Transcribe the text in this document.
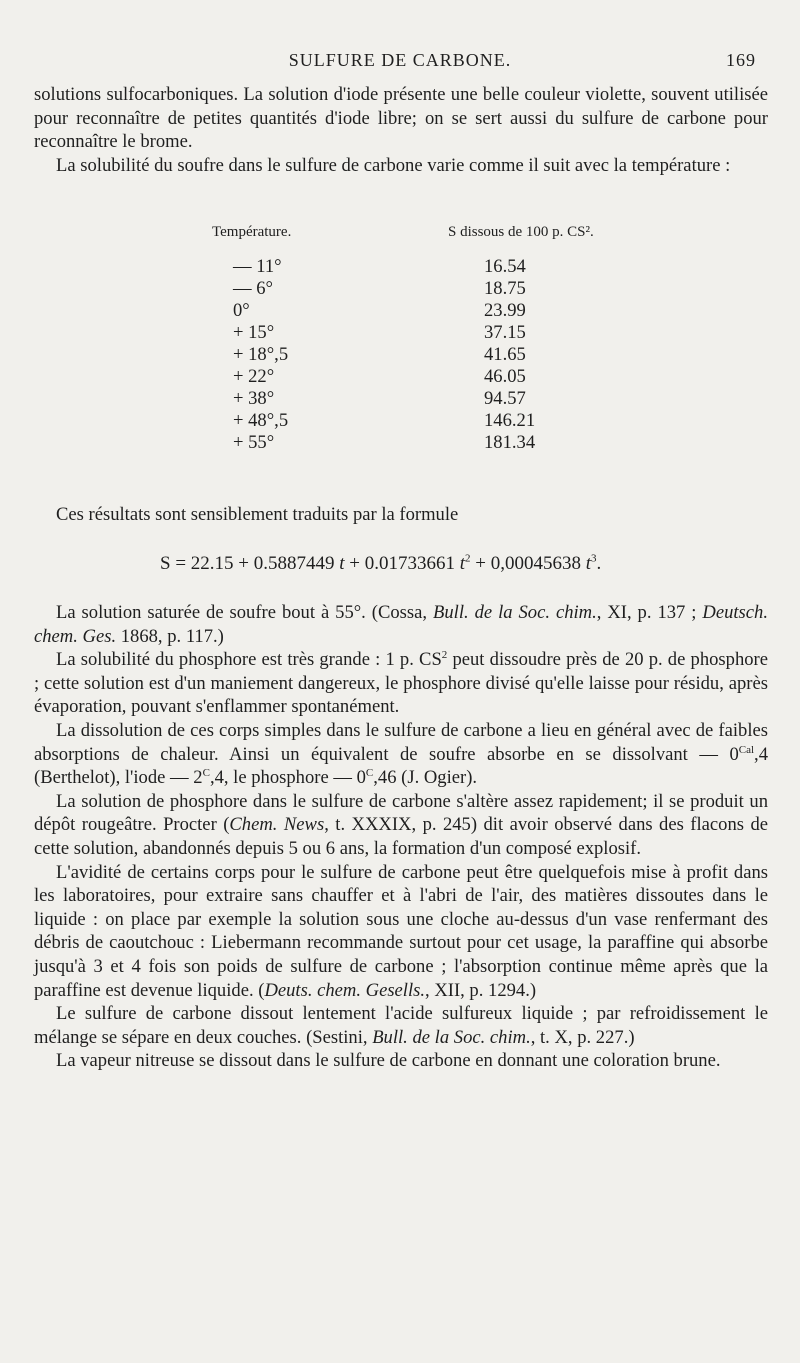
SULFURE DE CARBONE.	169

solutions sulfocarboniques. La solution d'iode présente une belle couleur violette, souvent utilisée pour reconnaître de petites quantités d'iode libre; on se sert aussi du sulfure de carbone pour reconnaître le brome.

La solubilité du soufre dans le sulfure de carbone varie comme il suit avec la température :

Température.	S dissous de 100 p. CS².
— 11°	16.54
— 6°	18.75
0°	23.99
+ 15°	37.15
+ 18°,5	41.65
+ 22°	46.05
+ 38°	94.57
+ 48°,5	146.21
+ 55°	181.34

Ces résultats sont sensiblement traduits par la formule

S = 22.15 + 0.5887449 t + 0.01733661 $t^2 + 0,00045638$ $t^3$.

La solution saturée de soufre bout à 55°. (Cossa, Bull. de la Soc. chim., XI, p. 137 ; Deutsch. chem. Ges. 1868, p. 117.)

La solubilité du phosphore est très grande : 1 p. $CS^2$ peut dissoudre près de 20 p. de phosphore ; cette solution est d'un maniement dangereux, le phosphore divisé qu'elle laisse pour résidu, après évaporation, pouvant s'enflammer spontanément.

La dissolution de ces corps simples dans le sulfure de carbone a lieu en général avec de faibles absorptions de chaleur. Ainsi un équivalent de soufre absorbe en se dissolvant — $0^{Cal},4$ (Berthelot), l'iode — $2^C,4$, le phosphore — $0^C,46$ (J. Ogier).

La solution de phosphore dans le sulfure de carbone s'altère assez rapidement; il se produit un dépôt rougeâtre. Procter (Chem. News, t. XXXIX, p. 245) dit avoir observé dans des flacons de cette solution, abandonnés depuis 5 ou 6 ans, la formation d'un composé explosif.

L'avidité de certains corps pour le sulfure de carbone peut être quelquefois mise à profit dans les laboratoires, pour extraire sans chauffer et à l'abri de l'air, des matières dissoutes dans le liquide : on place par exemple la solution sous une cloche au-dessus d'un vase renfermant des débris de caoutchouc : Liebermann recommande surtout pour cet usage, la paraffine qui absorbe jusqu'à 3 et 4 fois son poids de sulfure de carbone ; l'absorption continue même après que la paraffine est devenue liquide. (Deuts. chem. Gesells., XII, p. 1294.)

Le sulfure de carbone dissout lentement l'acide sulfureux liquide ; par refroidissement le mélange se sépare en deux couches. (Sestini, Bull. de la Soc. chim., t. X, p. 227.)

La vapeur nitreuse se dissout dans le sulfure de carbone en donnant une coloration brune.
